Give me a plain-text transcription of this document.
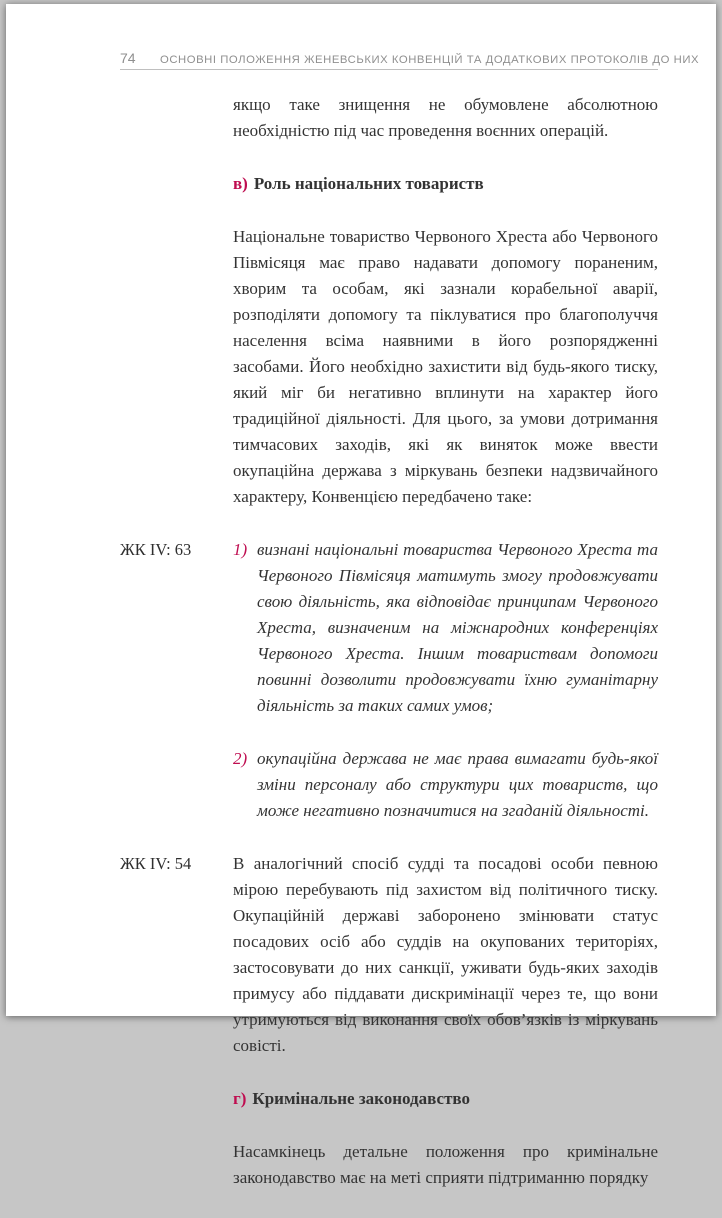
74	ОСНОВНІ ПОЛОЖЕННЯ ЖЕНЕВСЬКИХ КОНВЕНЦІЙ ТА ДОДАТКОВИХ ПРОТОКОЛІВ ДО НИХ
якщо таке знищення не обумовлене абсолютною необхідністю під час проведення воєнних операцій.
в) Роль національних товариств
Національне товариство Червоного Хреста або Червоного Півмісяця має право надавати допомогу пораненим, хворим та особам, які зазнали корабельної аварії, розподіляти допомогу та піклуватися про благополуччя населення всіма наявними в його розпорядженні засобами. Його необхідно захистити від будь-якого тиску, який міг би негативно вплинути на характер його традиційної діяльності. Для цього, за умови дотримання тимчасових заходів, які як виняток може ввести окупаційна держава з міркувань безпеки надзвичайного характеру, Конвенцією передбачено таке:
ЖК IV: 63	1) визнані національні товариства Червоного Хреста та Червоного Півмісяця матимуть змогу продовжувати свою діяльність, яка відповідає принципам Червоного Хреста, визначеним на міжнародних конференціях Червоного Хреста. Іншим товариствам допомоги повинні дозволити продовжувати їхню гуманітарну діяльність за таких самих умов;
2) окупаційна держава не має права вимагати будь-якої зміни персоналу або структури цих товариств, що може негативно позначитися на згаданій діяльності.
ЖК IV: 54	В аналогічний спосіб судді та посадові особи певною мірою перебувають під захистом від політичного тиску. Окупаційній державі заборонено змінювати статус посадових осіб або суддів на окупованих територіях, застосовувати до них санкції, уживати будь-яких заходів примусу або піддавати дискримінації через те, що вони утримуються від виконання своїх обов’язків із міркувань совісті.
г) Кримінальне законодавство
Насамкінець детальне положення про кримінальне законодавство має на меті сприяти підтриманню порядку
